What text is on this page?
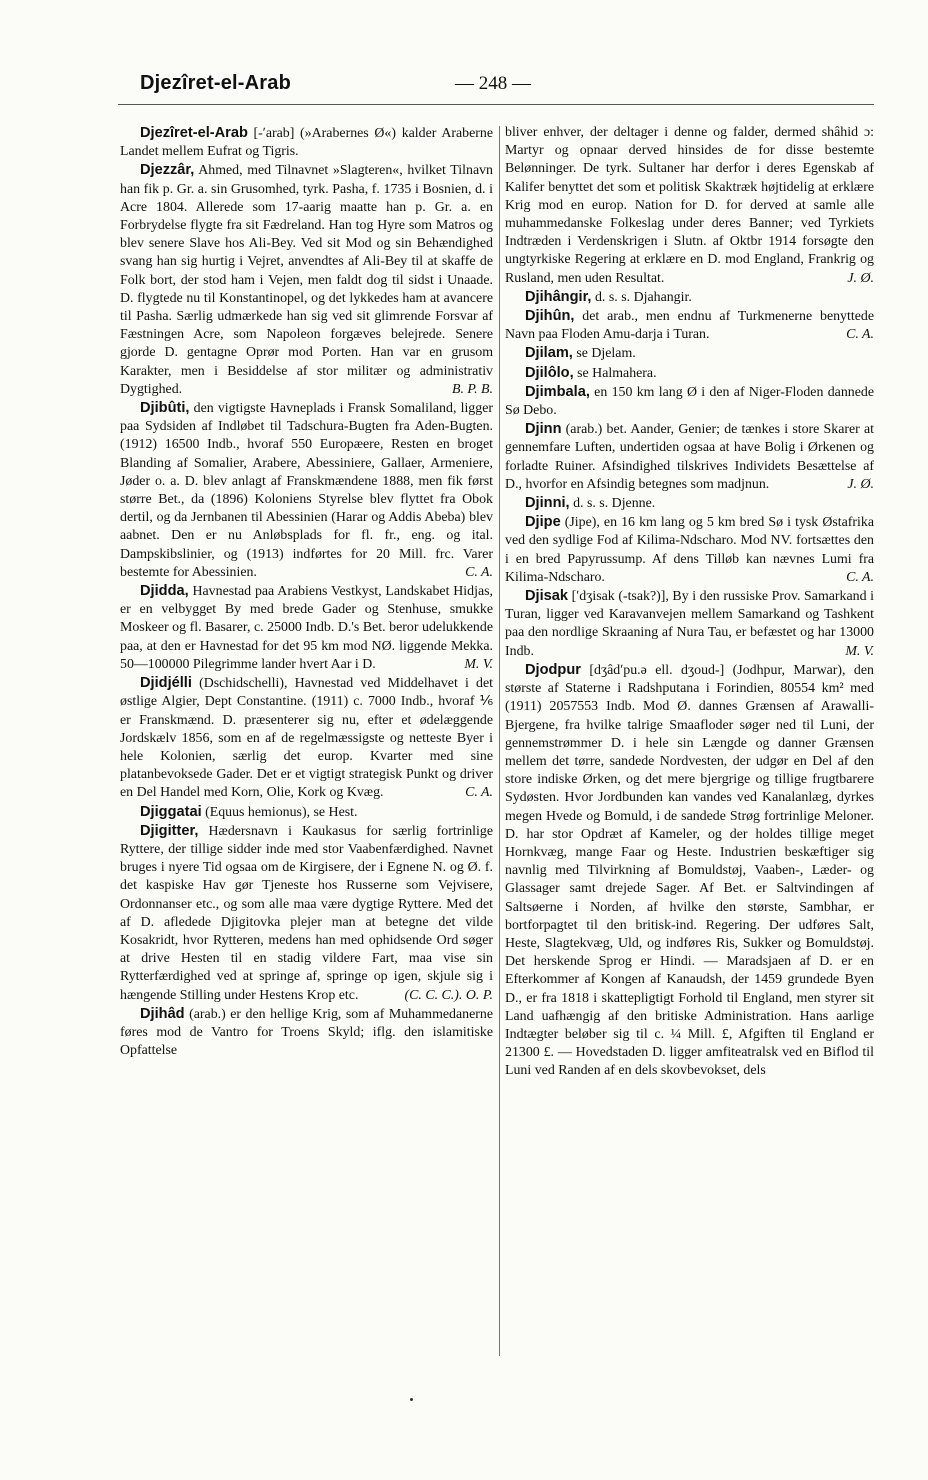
Djezîret-el-Arab	— 248 —

Djezîret-el-Arab [-ʹarab] (»Arabernes Ø«) kalder Araberne Landet mellem Eufrat og Tigris.

Djezzâr, Ahmed, med Tilnavnet »Slagteren«, hvilket Tilnavn han fik p. Gr. a. sin Grusomhed, tyrk. Pasha, f. 1735 i Bosnien, d. i Acre 1804. Allerede som 17-aarig maatte han p. Gr. a. en Forbrydelse flygte fra sit Fædreland. Han tog Hyre som Matros og blev senere Slave hos Ali-Bey. Ved sit Mod og sin Behændighed svang han sig hurtig i Vejret, anvendtes af Ali-Bey til at skaffe de Folk bort, der stod ham i Vejen, men faldt dog til sidst i Unaade. D. flygtede nu til Konstantinopel, og det lykkedes ham at avancere til Pasha. Særlig udmærkede han sig ved sit glimrende Forsvar af Fæstningen Acre, som Napoleon forgæves belejrede. Senere gjorde D. gentagne Oprør mod Porten. Han var en grusom Karakter, men i Besiddelse af stor militær og administrativ Dygtighed.	B. P. B.

Djibûti, den vigtigste Havneplads i Fransk Somaliland, ligger paa Sydsiden af Indløbet til Tadschura-Bugten fra Aden-Bugten. (1912) 16500 Indb., hvoraf 550 Europæere, Resten en broget Blanding af Somalier, Arabere, Abessiniere, Gallaer, Armeniere, Jøder o. a. D. blev anlagt af Franskmændene 1888, men fik først større Bet., da (1896) Koloniens Styrelse blev flyttet fra Obok dertil, og da Jernbanen til Abessinien (Harar og Addis Abeba) blev aabnet. Den er nu Anløbsplads for fl. fr., eng. og ital. Dampskibslinier, og (1913) indførtes for 20 Mill. frc. Varer bestemte for Abessinien.	C. A.

Djidda, Havnestad paa Arabiens Vestkyst, Landskabet Hidjas, er en velbygget By med brede Gader og Stenhuse, smukke Moskeer og fl. Basarer, c. 25000 Indb. D.'s Bet. beror udelukkende paa, at den er Havnestad for det 95 km mod NØ. liggende Mekka. 50—100000 Pilegrimme lander hvert Aar i D.	M. V.

Djidjélli (Dschidschelli), Havnestad ved Middelhavet i det østlige Algier, Dept Constantine. (1911) c. 7000 Indb., hvoraf ⅙ er Franskmænd. D. præsenterer sig nu, efter et ødelæggende Jordskælv 1856, som en af de regelmæssigste og netteste Byer i hele Kolonien, særlig det europ. Kvarter med sine platanbevoksede Gader. Det er et vigtigt strategisk Punkt og driver en Del Handel med Korn, Olie, Kork og Kvæg.	C. A.

Djiggatai (Equus hemionus), se Hest.

Djigitter, Hædersnavn i Kaukasus for særlig fortrinlige Ryttere, der tillige sidder inde med stor Vaabenfærdighed. Navnet bruges i nyere Tid ogsaa om de Kirgisere, der i Egnene N. og Ø. f. det kaspiske Hav gør Tjeneste hos Russerne som Vejvisere, Ordonnanser etc., og som alle maa være dygtige Ryttere. Med det af D. afledede Djigitovka plejer man at betegne det vilde Kosakridt, hvor Rytteren, medens han med ophidsende Ord søger at drive Hesten til en stadig vildere Fart, maa vise sin Rytterfærdighed ved at springe af, springe op igen, skjule sig i hængende Stilling under Hestens Krop etc.	(C. C. C.). O. P.

Djihâd (arab.) er den hellige Krig, som af Muhammedanerne føres mod de Vantro for Troens Skyld; iflg. den islamitiske Opfattelse

bliver enhver, der deltager i denne og falder, dermed shâhid ɔ: Martyr og opnaar derved hinsides de for disse bestemte Belønninger. De tyrk. Sultaner har derfor i deres Egenskab af Kalifer benyttet det som et politisk Skaktræk højtidelig at erklære Krig mod en europ. Nation for D. for derved at samle alle muhammedanske Folkeslag under deres Banner; ved Tyrkiets Indtræden i Verdenskrigen i Slutn. af Oktbr 1914 forsøgte den ungtyrkiske Regering at erklære en D. mod England, Frankrig og Rusland, men uden Resultat.	J. Ø.

Djihângir, d. s. s. Djahangir.

Djihûn, det arab., men endnu af Turkmenerne benyttede Navn paa Floden Amu-darja i Turan.	C. A.

Djilam, se Djelam.

Djilôlo, se Halmahera.

Djimbala, en 150 km lang Ø i den af Niger-Floden dannede Sø Debo.

Djinn (arab.) bet. Aander, Genier; de tænkes i store Skarer at gennemfare Luften, undertiden ogsaa at have Bolig i Ørkenen og forladte Ruiner. Afsindighed tilskrives Individets Besættelse af D., hvorfor en Afsindig betegnes som madjnun.	J. Ø.

Djinni, d. s. s. Djenne.

Djipe (Jipe), en 16 km lang og 5 km bred Sø i tysk Østafrika ved den sydlige Fod af Kilima-Ndscharo. Mod NV. fortsættes den i en bred Papyrussump. Af dens Tilløb kan nævnes Lumi fra Kilima-Ndscharo.	C. A.

Djisak [ʹdʒisak (-tsak?)], By i den russiske Prov. Samarkand i Turan, ligger ved Karavanvejen mellem Samarkand og Tashkent paa den nordlige Skraaning af Nura Tau, er befæstet og har 13000 Indb.	M. V.

Djodpur [dʒâdʹpu.ə ell. dʒoud-] (Jodhpur, Marwar), den største af Staterne i Radshputana i Forindien, 80554 km² med (1911) 2057553 Indb. Mod Ø. dannes Grænsen af Arawalli-Bjergene, fra hvilke talrige Smaafloder søger ned til Luni, der gennemstrømmer D. i hele sin Længde og danner Grænsen mellem det tørre, sandede Nordvesten, der udgør en Del af den store indiske Ørken, og det mere bjergrige og tillige frugtbarere Sydøsten. Hvor Jordbunden kan vandes ved Kanalanlæg, dyrkes megen Hvede og Bomuld, i de sandede Strøg fortrinlige Meloner. D. har stor Opdræt af Kameler, og der holdes tillige meget Hornkvæg, mange Faar og Heste. Industrien beskæftiger sig navnlig med Tilvirkning af Bomuldstøj, Vaaben-, Læder- og Glassager samt drejede Sager. Af Bet. er Saltvindingen af Saltsøerne i Norden, af hvilke den største, Sambhar, er bortforpagtet til den britisk-ind. Regering. Der udføres Salt, Heste, Slagtekvæg, Uld, og indføres Ris, Sukker og Bomuldstøj. Det herskende Sprog er Hindi. — Maradsjaen af D. er en Efterkommer af Kongen af Kanaudsh, der 1459 grundede Byen D., er fra 1818 i skattepligtigt Forhold til England, men styrer sit Land uafhængig af den britiske Administration. Hans aarlige Indtægter beløber sig til c. ¼ Mill. £, Afgiften til England er 21300 £. — Hovedstaden D. ligger amfiteatralsk ved en Biflod til Luni ved Randen af en dels skovbevokset, dels
